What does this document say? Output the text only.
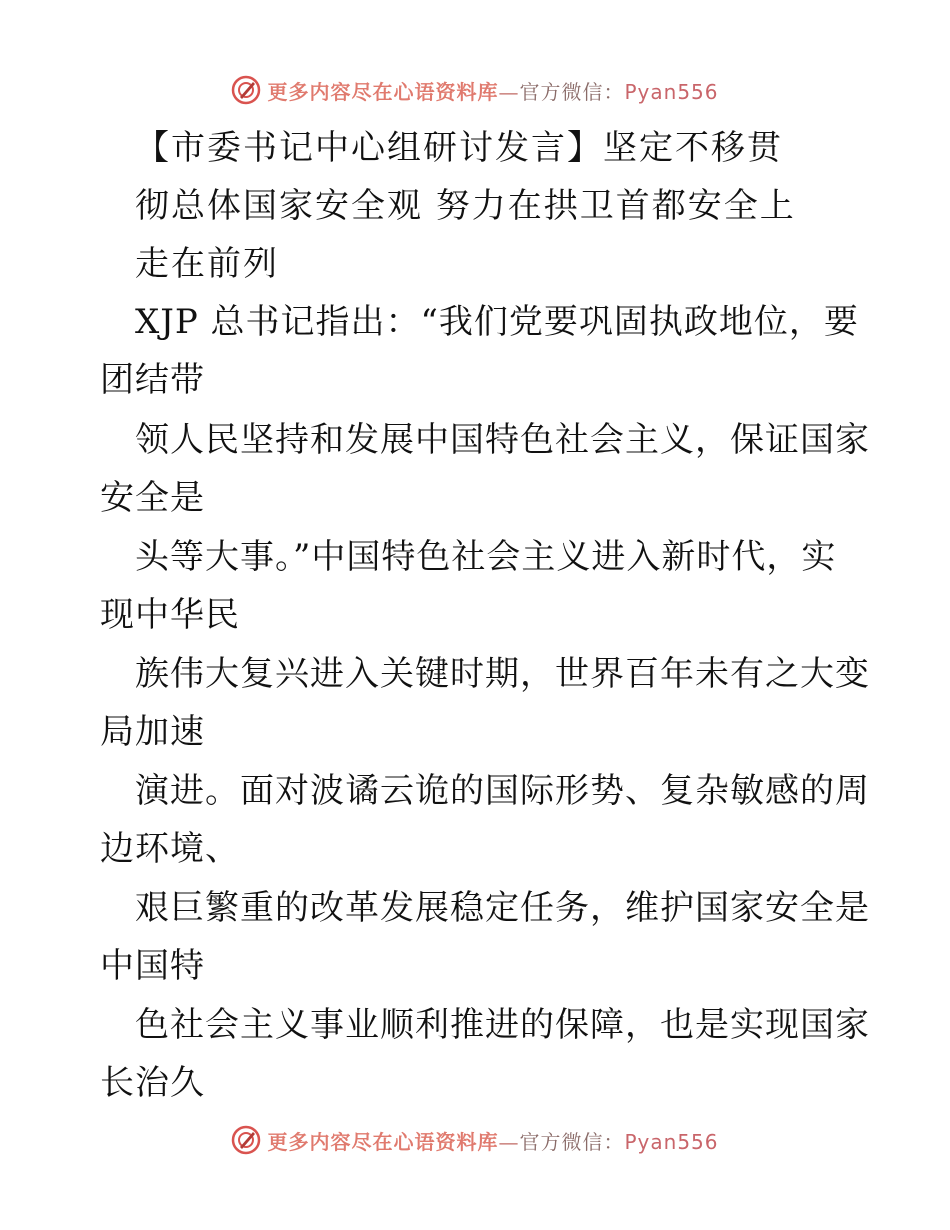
更多内容尽在心语资料库—官方微信：Pyan556
【市委书记中心组研讨发言】坚定不移贯
彻总体国家安全观 努力在拱卫首都安全上
走在前列
XJP 总书记指出：“我们党要巩固执政地位，要
团结带
领人民坚持和发展中国特色社会主义，保证国家
安全是
头等大事。”中国特色社会主义进入新时代，实
现中华民
族伟大复兴进入关键时期，世界百年未有之大变
局加速
演进。面对波谲云诡的国际形势、复杂敏感的周
边环境、
艰巨繁重的改革发展稳定任务，维护国家安全是
中国特
色社会主义事业顺利推进的保障，也是实现国家
长治久
更多内容尽在心语资料库—官方微信：Pyan556
